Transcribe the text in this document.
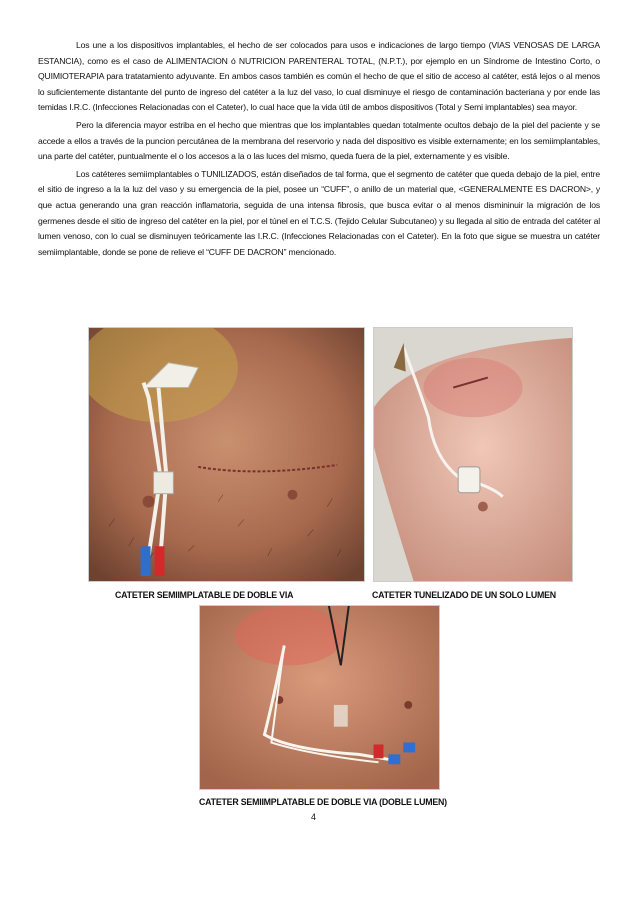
Los une a los dispositivos implantables, el hecho de ser colocados para usos e indicaciones de largo tiempo (VIAS VENOSAS DE LARGA ESTANCIA), como es el caso de ALIMENTACION ó NUTRICION PARENTERAL TOTAL, (N.P.T.), por ejemplo en un Síndrome de Intestino Corto, o QUIMIOTERAPIA para tratatamiento adyuvante. En ambos casos también es común el hecho de que el sitio de acceso al catéter, está lejos o al menos lo suficientemente distantante del punto de ingreso del catéter a la luz del vaso, lo cual disminuye el riesgo de contaminación bacteriana y por ende las temidas I.R.C. (Infecciones Relacionadas con el Cateter), lo cual hace que la vida útil de ambos dispositivos (Total y Semi implantables) sea mayor.

Pero la diferencia mayor estriba en el hecho que mientras que los implantables quedan totalmente ocultos debajo de la piel del paciente y se accede a ellos a través de la puncion percutánea de la membrana del reservorio y nada del dispositivo es visible externamente; en los semiimplantables, una parte del catéter, puntualmente el o los accesos a la o las luces del mismo, queda fuera de la piel, externamente y es visible.

Los catéteres semiimplantables o TUNILIZADOS, están diseñados de tal forma, que el segmento de catéter que queda debajo de la piel, entre el sitio de ingreso a la la luz del vaso y su emergencia de la piel, posee un “CUFF”, o anillo de un material que, <GENERALMENTE ES DACRON>, y que actua generando una gran reacción inflamatoria, seguida de una intensa fibrosis, que busca evitar o al menos dismininuir la migración de los germenes desde el sitio de ingreso del catéter en la piel, por el túnel en el T.C.S. (Tejido Celular Subcutaneo) y su llegada al sitio de entrada del catéter al lumen venoso, con lo cual se disminuyen teóricamente las I.R.C. (Infecciones Relacionadas con el Cateter). En la foto que sigue se muestra un catéter semiimplantable, donde se pone de relieve el “CUFF DE DACRON” mencionado.

CATETER SEMIIMPLATABLE DE DOBLE VIA	CATETER TUNELIZADO DE UN SOLO LUMEN
CATETER SEMIIMPLATABLE DE DOBLE VIA (DOBLE LUMEN)
4
